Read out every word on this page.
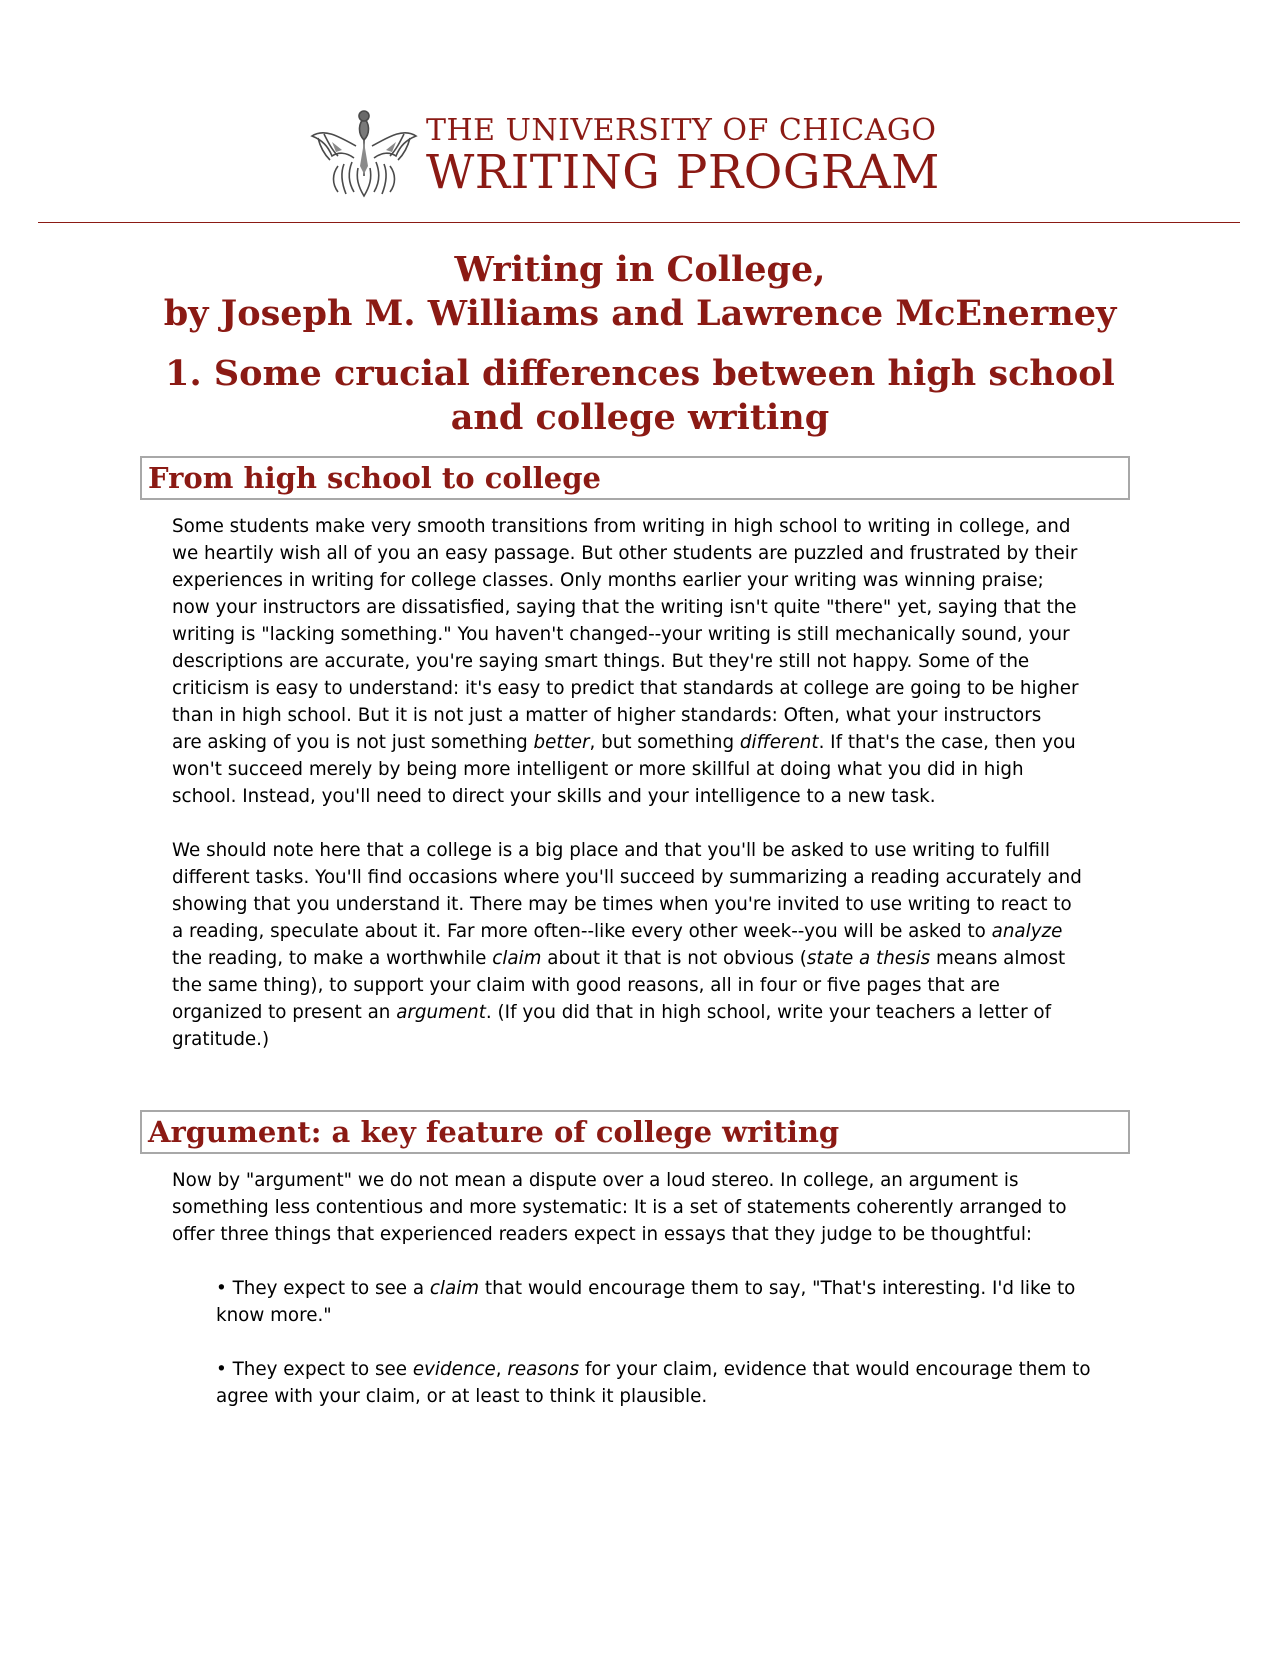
THE UNIVERSITY OF CHICAGO
WRITING PROGRAM

Writing in College,

by Joseph M. Williams and Lawrence McEnerney

1. Some crucial differences between high school

and college writing

From high school to college
Some students make very smooth transitions from writing in high school to writing in college, and
we heartily wish all of you an easy passage. But other students are puzzled and frustrated by their
experiences in writing for college classes. Only months earlier your writing was winning praise;
now your instructors are dissatisfied, saying that the writing isn't quite "there" yet, saying that the
writing is "lacking something." You haven't changed--your writing is still mechanically sound, your
descriptions are accurate, you're saying smart things. But they're still not happy. Some of the
criticism is easy to understand: it's easy to predict that standards at college are going to be higher
than in high school. But it is not just a matter of higher standards: Often, what your instructors
are asking of you is not just something better, but something different. If that's the case, then you
won't succeed merely by being more intelligent or more skillful at doing what you did in high
school. Instead, you'll need to direct your skills and your intelligence to a new task.
We should note here that a college is a big place and that you'll be asked to use writing to fulfill
different tasks. You'll find occasions where you'll succeed by summarizing a reading accurately and
showing that you understand it. There may be times when you're invited to use writing to react to
a reading, speculate about it. Far more often--like every other week--you will be asked to analyze
the reading, to make a worthwhile claim about it that is not obvious (state a thesis means almost
the same thing), to support your claim with good reasons, all in four or five pages that are
organized to present an argument. (If you did that in high school, write your teachers a letter of
gratitude.)
Argument: a key feature of college writing
Now by "argument" we do not mean a dispute over a loud stereo. In college, an argument is
something less contentious and more systematic: It is a set of statements coherently arranged to
offer three things that experienced readers expect in essays that they judge to be thoughtful:
• They expect to see a claim that would encourage them to say, "That's interesting. I'd like to
know more."
• They expect to see evidence, reasons for your claim, evidence that would encourage them to
agree with your claim, or at least to think it plausible.
